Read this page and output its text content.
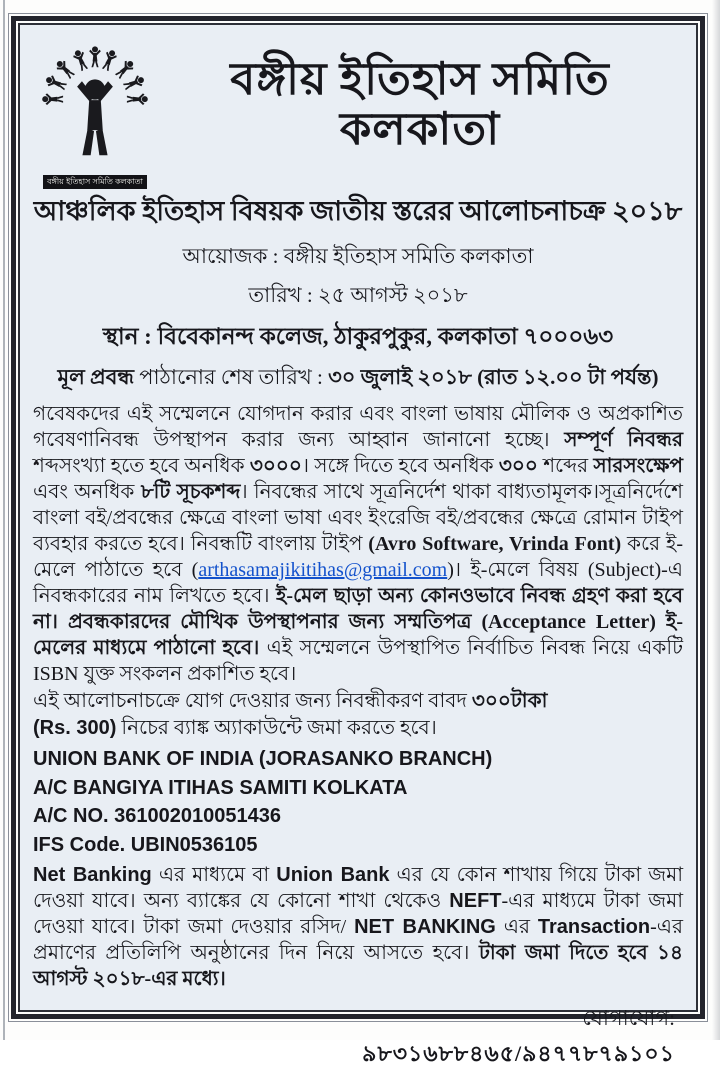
বঙ্গীয় ইতিহাস সমিতি কলকাতা
বঙ্গীয় ইতিহাস সমিতি কলকাতা
আঞ্চলিক ইতিহাস বিষয়ক জাতীয় স্তরের আলোচনাচক্র ২০১৮
আয়োজক : বঙ্গীয় ইতিহাস সমিতি কলকাতা
তারিখ : ২৫ আগস্ট ২০১৮
স্থান : বিবেকানন্দ কলেজ, ঠাকুরপুকুর, কলকাতা ৭০০০৬৩
মূল প্রবন্ধ পাঠানোর শেষ তারিখ : ৩০ জুলাই ২০১৮ (রাত ১২.০০ টা পর্যন্ত)
গবেষকদের এই সম্মেলনে যোগদান করার এবং বাংলা ভাষায় মৌলিক ও অপ্রকাশিত গবেষণানিবন্ধ উপস্থাপন করার জন্য আহ্বান জানানো হচ্ছে। সম্পূর্ণ নিবন্ধর শব্দসংখ্যা হতে হবে অনধিক ৩০০০। সঙ্গে দিতে হবে অনধিক ৩০০ শব্দের সারসংক্ষেপ এবং অনধিক ৮টি সূচকশব্দ। নিবন্ধের সাথে সূত্রনির্দেশ থাকা বাধ্যতামূলক।সূত্রনির্দেশে বাংলা বই/প্রবন্ধের ক্ষেত্রে বাংলা ভাষা এবং ইংরেজি বই/প্রবন্ধের ক্ষেত্রে রোমান টাইপ ব্যবহার করতে হবে। নিবন্ধটি বাংলায় টাইপ (Avro Software, Vrinda Font) করে ই-মেলে পাঠাতে হবে (arthasamajikitihas@gmail.com)। ই-মেলে বিষয় (Subject)-এ নিবন্ধকারের নাম লিখতে হবে। ই-মেল ছাড়া অন্য কোনওভাবে নিবন্ধ গ্রহণ করা হবে না। প্রবন্ধকারদের মৌখিক উপস্থাপনার জন্য সম্মতিপত্র (Acceptance Letter) ই-মেলের মাধ্যমে পাঠানো হবে। এই সম্মেলনে উপস্থাপিত নির্বাচিত নিবন্ধ নিয়ে একটি ISBN যুক্ত সংকলন প্রকাশিত হবে।
এই আলোচনাচক্রে যোগ দেওয়ার জন্য নিবন্ধীকরণ বাবদ ৩০০টাকা
(Rs. 300) নিচের ব্যাঙ্ক অ্যাকাউন্টে জমা করতে হবে।
UNION BANK OF INDIA (JORASANKO BRANCH)
A/C BANGIYA ITIHAS SAMITI KOLKATA
A/C NO. 361002010051436
IFS Code. UBIN0536105
Net Banking এর মাধ্যমে বা Union Bank এর যে কোন শাখায় গিয়ে টাকা জমা দেওয়া যাবে। অন্য ব্যাঙ্কের যে কোনো শাখা থেকেও NEFT-এর মাধ্যমে টাকা জমা দেওয়া যাবে। টাকা জমা দেওয়ার রসিদ/ NET BANKING এর Transaction-এর প্রমাণের প্রতিলিপি অনুষ্ঠানের দিন নিয়ে আসতে হবে। টাকা জমা দিতে হবে ১৪ আগস্ট ২০১৮-এর মধ্যে।
যোগাযোগ:
৯৮৩১৬৮৮৪৬৫/৯৪৭৭৮৭৯১০১
